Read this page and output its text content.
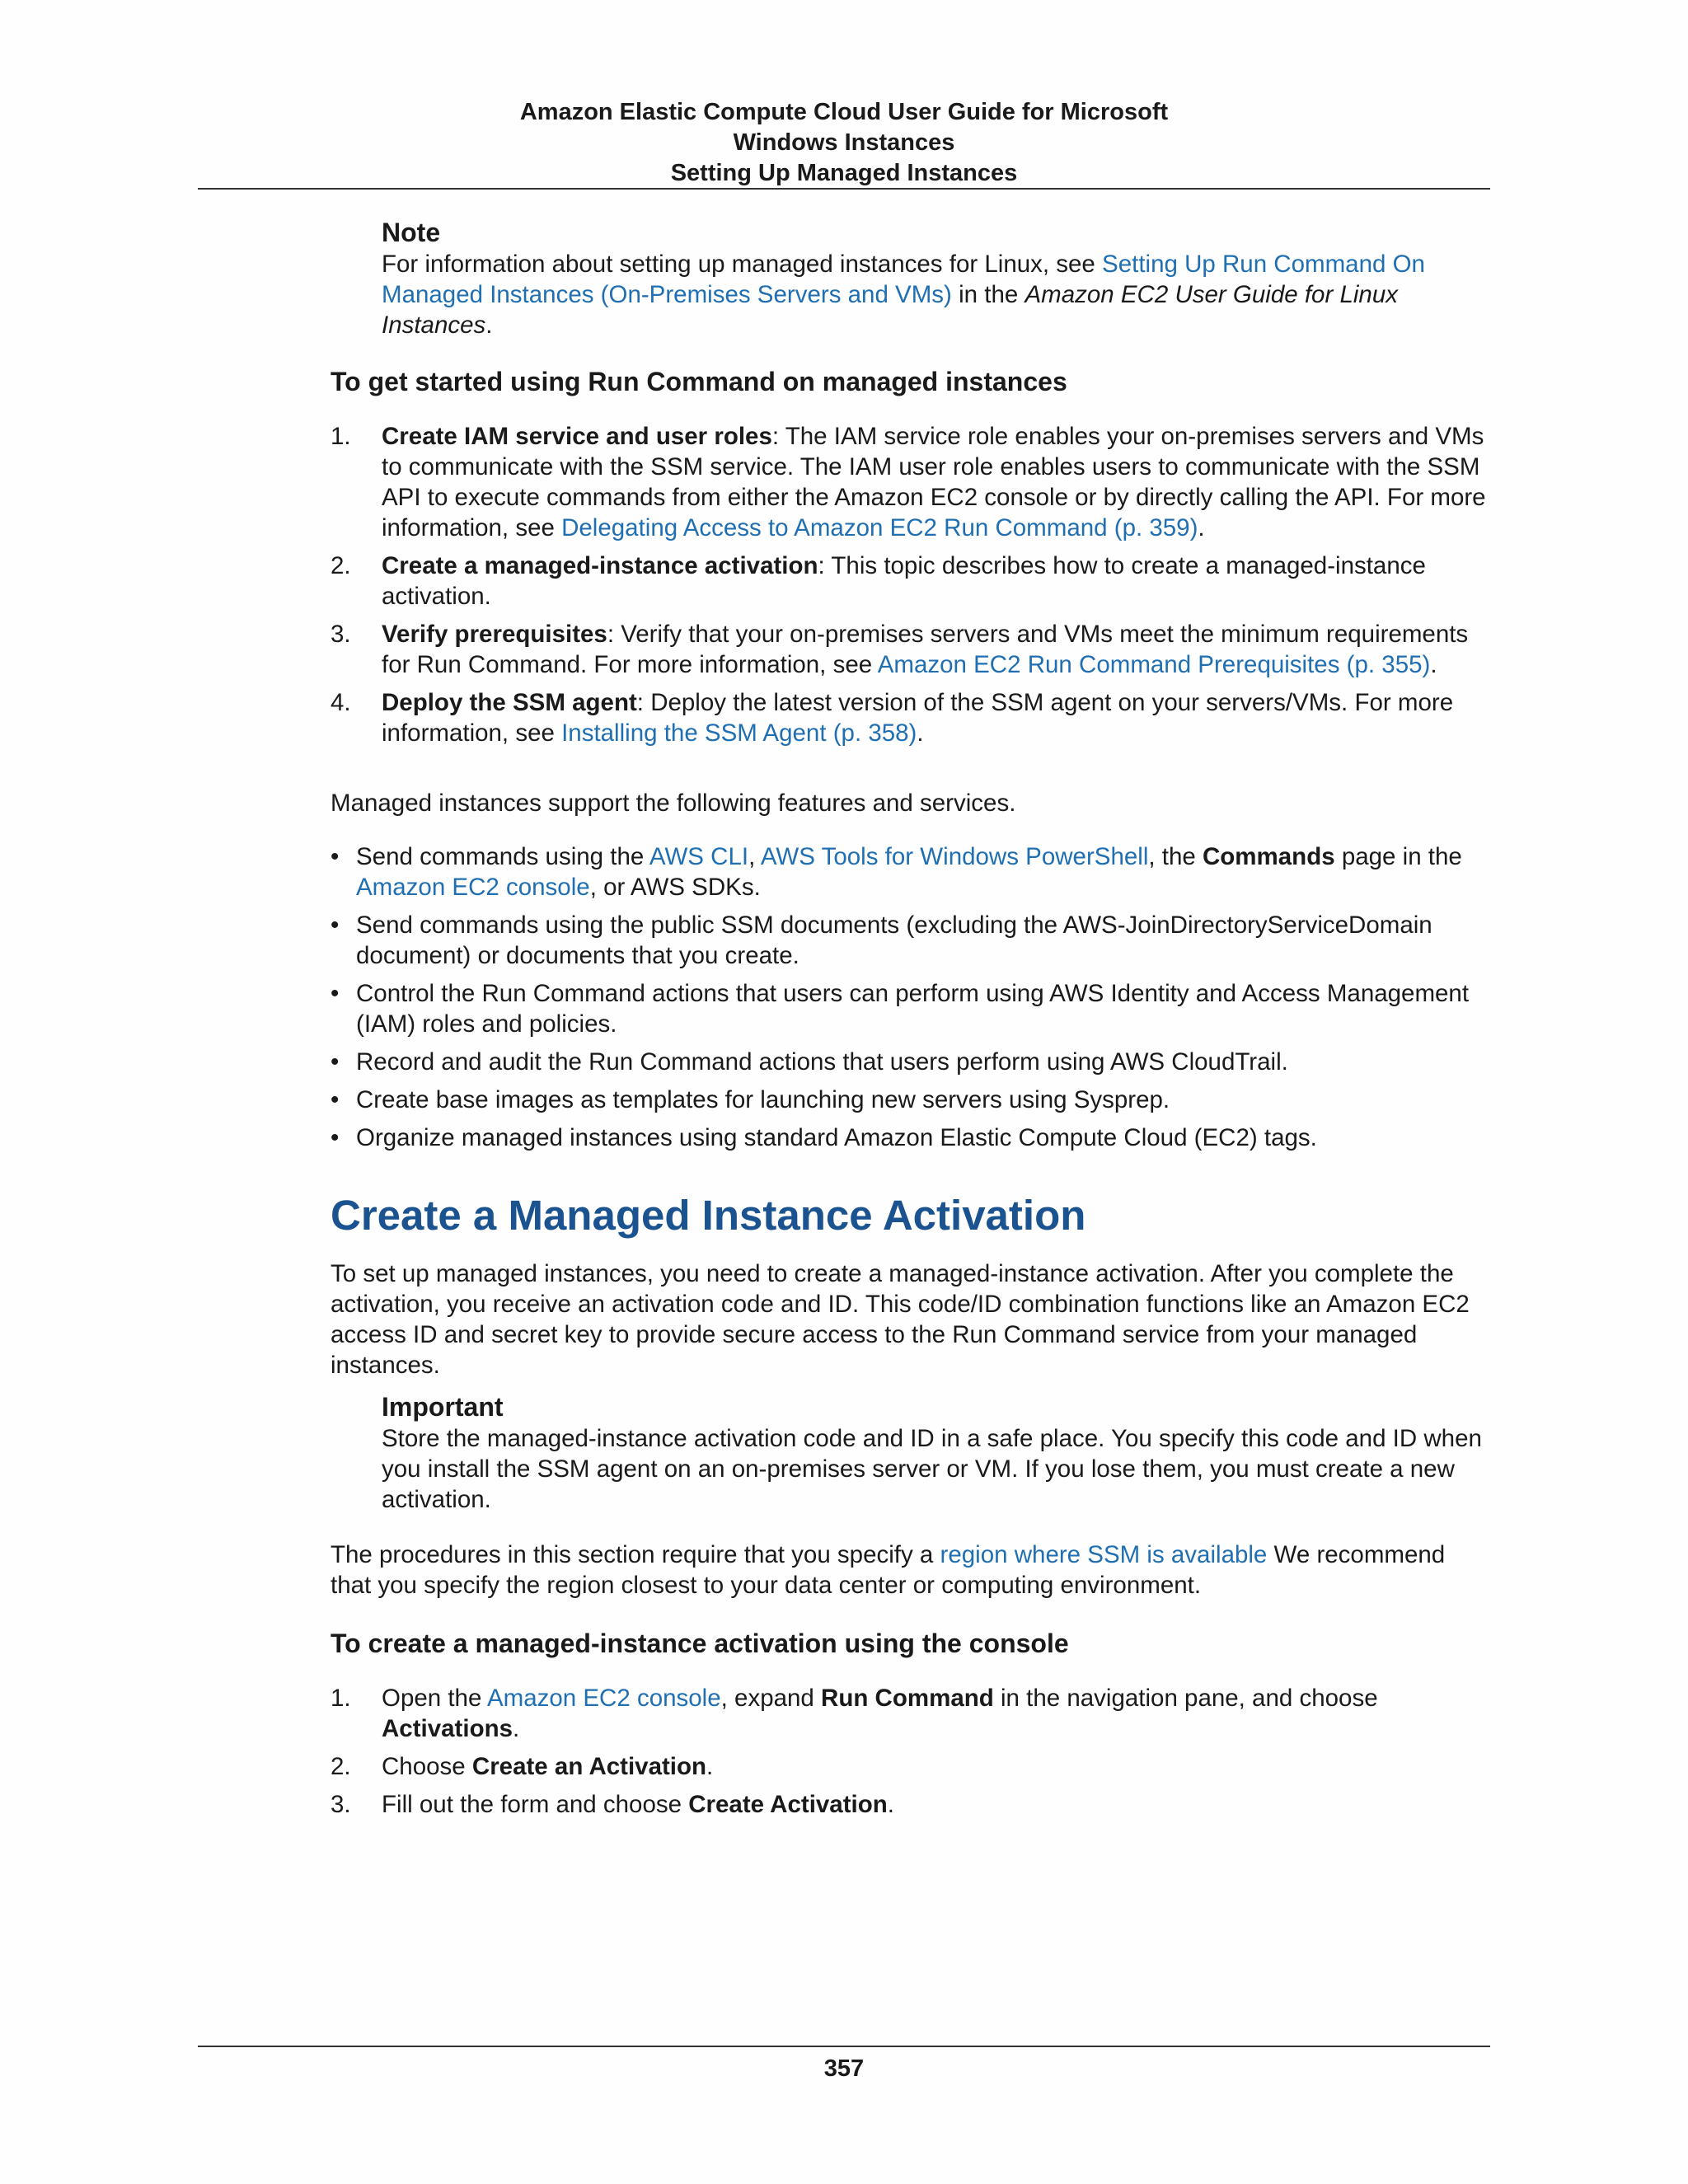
Amazon Elastic Compute Cloud User Guide for Microsoft
Windows Instances
Setting Up Managed Instances
Note

For information about setting up managed instances for Linux, see Setting Up Run Command On Managed Instances (On-Premises Servers and VMs) in the Amazon EC2 User Guide for Linux Instances.

To get started using Run Command on managed instances
1. Create IAM service and user roles: The IAM service role enables your on-premises servers and VMs to communicate with the SSM service. The IAM user role enables users to communicate with the SSM API to execute commands from either the Amazon EC2 console or by directly calling the API. For more information, see Delegating Access to Amazon EC2 Run Command (p. 359).
2. Create a managed-instance activation: This topic describes how to create a managed-instance activation.
3. Verify prerequisites: Verify that your on-premises servers and VMs meet the minimum requirements for Run Command. For more information, see Amazon EC2 Run Command Prerequisites (p. 355).
4. Deploy the SSM agent: Deploy the latest version of the SSM agent on your servers/VMs. For more information, see Installing the SSM Agent (p. 358).

Managed instances support the following features and services.

• Send commands using the AWS CLI, AWS Tools for Windows PowerShell, the Commands page in the Amazon EC2 console, or AWS SDKs.
• Send commands using the public SSM documents (excluding the AWS-JoinDirectoryServiceDomain document) or documents that you create.
• Control the Run Command actions that users can perform using AWS Identity and Access Management (IAM) roles and policies.
• Record and audit the Run Command actions that users perform using AWS CloudTrail.
• Create base images as templates for launching new servers using Sysprep.
• Organize managed instances using standard Amazon Elastic Compute Cloud (EC2) tags.
Create a Managed Instance Activation

To set up managed instances, you need to create a managed-instance activation. After you complete the activation, you receive an activation code and ID. This code/ID combination functions like an Amazon EC2 access ID and secret key to provide secure access to the Run Command service from your managed instances.

Important

Store the managed-instance activation code and ID in a safe place. You specify this code and ID when you install the SSM agent on an on-premises server or VM. If you lose them, you must create a new activation.

The procedures in this section require that you specify a region where SSM is available We recommend that you specify the region closest to your data center or computing environment.

To create a managed-instance activation using the console
1. Open the Amazon EC2 console, expand Run Command in the navigation pane, and choose Activations.
2. Choose Create an Activation.
3. Fill out the form and choose Create Activation.
357
